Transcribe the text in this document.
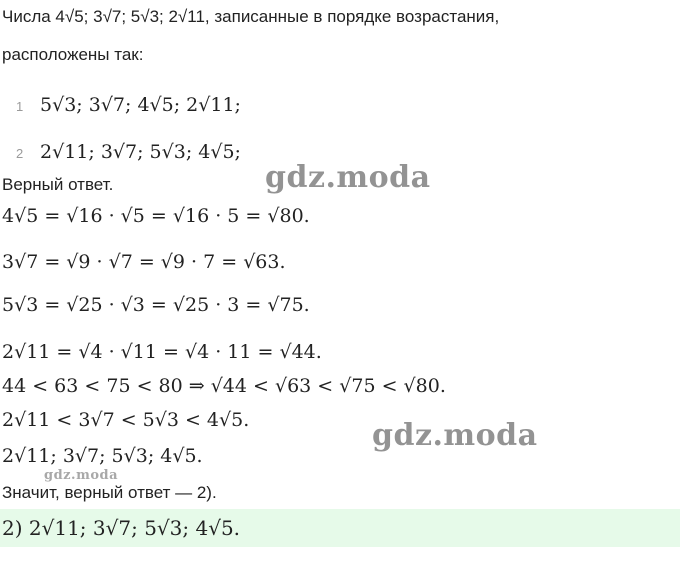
Числа 4√5; 3√7; 5√3; 2√11, записанные в порядке возрастания,
расположены так:
1 5√3; 3√7; 4√5; 2√11;
2 2√11; 3√7; 5√3; 4√5;
Верный ответ.
4√5 = √16 · √5 = √16 · 5 = √80.
3√7 = √9 · √7 = √9 · 7 = √63.
5√3 = √25 · √3 = √25 · 3 = √75.
2√11 = √4 · √11 = √4 · 11 = √44.
44 < 63 < 75 < 80 ⇒ √44 < √63 < √75 < √80.
2√11 < 3√7 < 5√3 < 4√5.
2√11; 3√7; 5√3; 4√5.
Значит, верный ответ — 2).
2) 2√11; 3√7; 5√3; 4√5.
gdz.moda
gdz.moda
gdz.moda
